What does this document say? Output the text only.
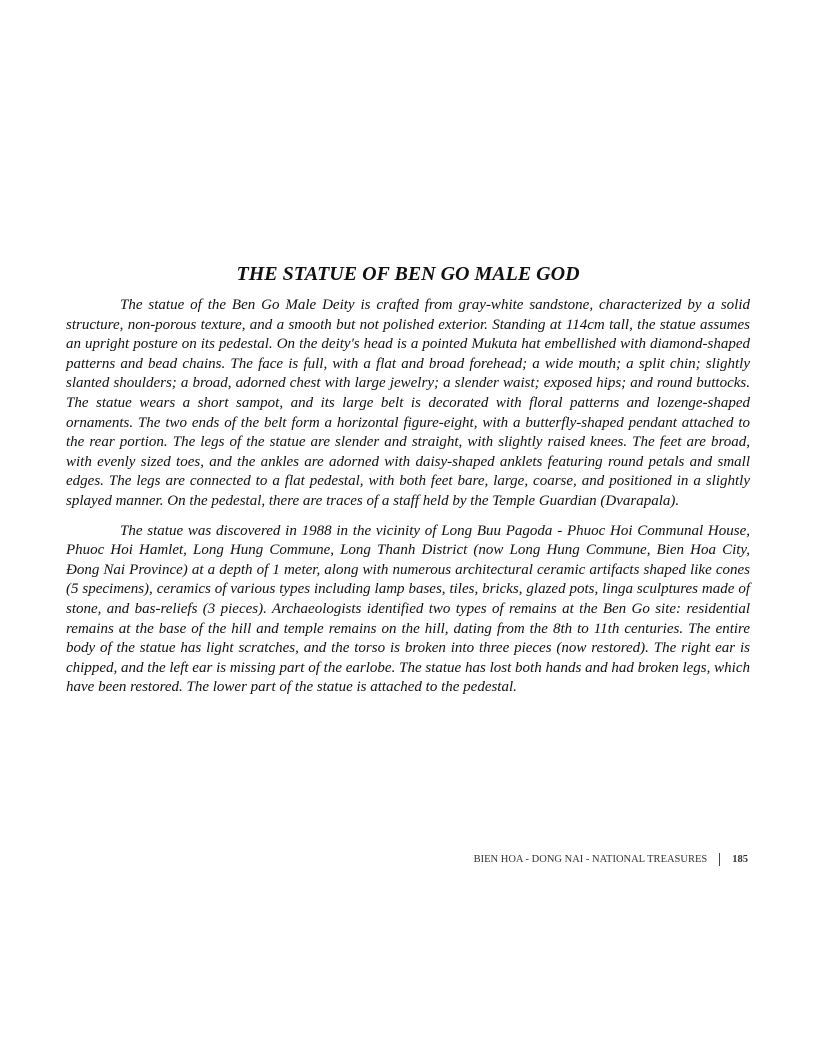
THE STATUE OF BEN GO MALE GOD

The statue of the Ben Go Male Deity is crafted from gray-white sandstone, characterized by a solid structure, non-porous texture, and a smooth but not polished exterior. Standing at 114cm tall, the statue assumes an upright posture on its pedestal. On the deity's head is a pointed Mukuta hat embellished with diamond-shaped patterns and bead chains. The face is full, with a flat and broad forehead; a wide mouth; a split chin; slightly slanted shoulders; a broad, adorned chest with large jewelry; a slender waist; exposed hips; and round buttocks. The statue wears a short sampot, and its large belt is decorated with floral patterns and lozenge-shaped ornaments. The two ends of the belt form a horizontal figure-eight, with a butterfly-shaped pendant attached to the rear portion. The legs of the statue are slender and straight, with slightly raised knees. The feet are broad, with evenly sized toes, and the ankles are adorned with daisy-shaped anklets featuring round petals and small edges. The legs are connected to a flat pedestal, with both feet bare, large, coarse, and positioned in a slightly splayed manner. On the pedestal, there are traces of a staff held by the Temple Guardian (Dvarapala).

The statue was discovered in 1988 in the vicinity of Long Buu Pagoda - Phuoc Hoi Communal House, Phuoc Hoi Hamlet, Long Hung Commune, Long Thanh District (now Long Hung Commune, Bien Hoa City, Đong Nai Province) at a depth of 1 meter, along with numerous architectural ceramic artifacts shaped like cones (5 specimens), ceramics of various types including lamp bases, tiles, bricks, glazed pots, linga sculptures made of stone, and bas-reliefs (3 pieces). Archaeologists identified two types of remains at the Ben Go site: residential remains at the base of the hill and temple remains on the hill, dating from the 8th to 11th centuries. The entire body of the statue has light scratches, and the torso is broken into three pieces (now restored). The right ear is chipped, and the left ear is missing part of the earlobe. The statue has lost both hands and had broken legs, which have been restored. The lower part of the statue is attached to the pedestal.

BIEN HOA - DONG NAI - NATIONAL TREASURES 185
